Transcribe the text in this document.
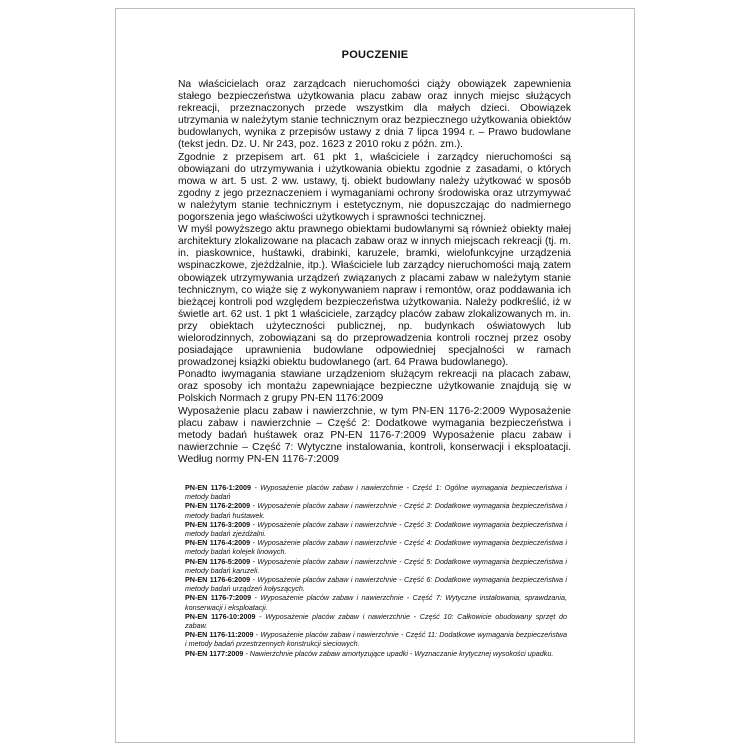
POUCZENIE

Na właścicielach oraz zarządcach nieruchomości ciąży obowiązek zapewnienia stałego bezpieczeństwa użytkowania placu zabaw oraz innych miejsc służących rekreacji, przeznaczonych przede wszystkim dla małych dzieci. Obowiązek utrzymania w należytym stanie technicznym oraz bezpiecznego użytkowania obiektów budowlanych, wynika z przepisów ustawy z dnia 7 lipca 1994 r. – Prawo budowlane (tekst jedn. Dz. U. Nr 243, poz. 1623 z 2010 roku z późn. zm.).

Zgodnie z przepisem art. 61 pkt 1, właściciele i zarządcy nieruchomości są obowiązani do utrzymywania i użytkowania obiektu zgodnie z zasadami, o których mowa w art. 5 ust. 2 ww. ustawy, tj. obiekt budowlany należy użytkować w sposób zgodny z jego przeznaczeniem i wymaganiami ochrony środowiska oraz utrzymywać w należytym stanie technicznym i estetycznym, nie dopuszczając do nadmiernego pogorszenia jego właściwości użytkowych i sprawności technicznej.

W myśl powyższego aktu prawnego obiektami budowlanymi są również obiekty małej architektury zlokalizowane na placach zabaw oraz w innych miejscach rekreacji (tj. m. in. piaskownice, huśtawki, drabinki, karuzele, bramki, wielofunkcyjne urządzenia wspinaczkowe, zjeżdżalnie, itp.). Właściciele lub zarządcy nieruchomości mają zatem obowiązek utrzymywania urządzeń związanych z placami zabaw w należytym stanie technicznym, co wiąże się z wykonywaniem napraw i remontów, oraz poddawania ich bieżącej kontroli pod względem bezpieczeństwa użytkowania. Należy podkreślić, iż w świetle art. 62 ust. 1 pkt 1 właściciele, zarządcy placów zabaw zlokalizowanych m. in. przy obiektach użyteczności publicznej, np. budynkach oświatowych lub wielorodzinnych, zobowiązani są do przeprowadzenia kontroli rocznej przez osoby posiadające uprawnienia budowlane odpowiedniej specjalności w ramach prowadzonej książki obiektu budowlanego (art. 64 Prawa budowlanego).

Ponadto iwymagania stawiane urządzeniom służącym rekreacji na placach zabaw, oraz sposoby ich montażu zapewniające bezpieczne użytkowanie znajdują się w Polskich Normach z grupy PN-EN 1176:2009

Wyposażenie placu zabaw i nawierzchnie, w tym PN-EN 1176-2:2009 Wyposażenie placu zabaw i nawierzchnie – Część 2: Dodatkowe wymagania bezpieczeństwa i metody badań huśtawek oraz PN-EN 1176-7:2009 Wyposażenie placu zabaw i nawierzchnie – Część 7: Wytyczne instalowania, kontroli, konserwacji i eksploatacji. Według normy PN-EN 1176-7:2009

PN-EN 1176-1:2009 - Wyposażenie placów zabaw i nawierzchnie - Część 1: Ogólne wymagania bezpieczeństwa i metody badań

PN-EN 1176-2:2009 - Wyposażenie placów zabaw i nawierzchnie - Część 2: Dodatkowe wymagania bezpieczeństwa i metody badań huśtawek.

PN-EN 1176-3:2009 - Wyposażenie placów zabaw i nawierzchnie - Część 3: Dodatkowe wymagania bezpieczeństwa i metody badań zjeżdżalni.

PN-EN 1176-4:2009 - Wyposażenie placów zabaw i nawierzchnie - Część 4: Dodatkowe wymagania bezpieczeństwa i metody badań kolejek linowych.

PN-EN 1176-5:2009 - Wyposażenie placów zabaw i nawierzchnie - Część 5: Dodatkowe wymagania bezpieczeństwa i metody badań karuzeli.

PN-EN 1176-6:2009 - Wyposażenie placów zabaw i nawierzchnie - Część 6: Dodatkowe wymagania bezpieczeństwa i metody badań urządzeń kołyszących.

PN-EN 1176-7:2009 - Wyposażenie placów zabaw i nawierzchnie - Część 7: Wytyczne instalowania, sprawdzania, konserwacji i eksploatacji.

PN-EN 1176-10:2009 - Wyposażenie placów zabaw i nawierzchnie - Część 10: Całkowicie obudowany sprzęt do zabaw.

PN-EN 1176-11:2009 - Wyposażenie placów zabaw i nawierzchnie - Część 11: Dodatkowe wymagania bezpieczeństwa i metody badań przestrzennych konstrukcji sieciowych.

PN-EN 1177:2009 - Nawierzchnie placów zabaw amortyzujące upadki - Wyznaczanie krytycznej wysokości upadku.
